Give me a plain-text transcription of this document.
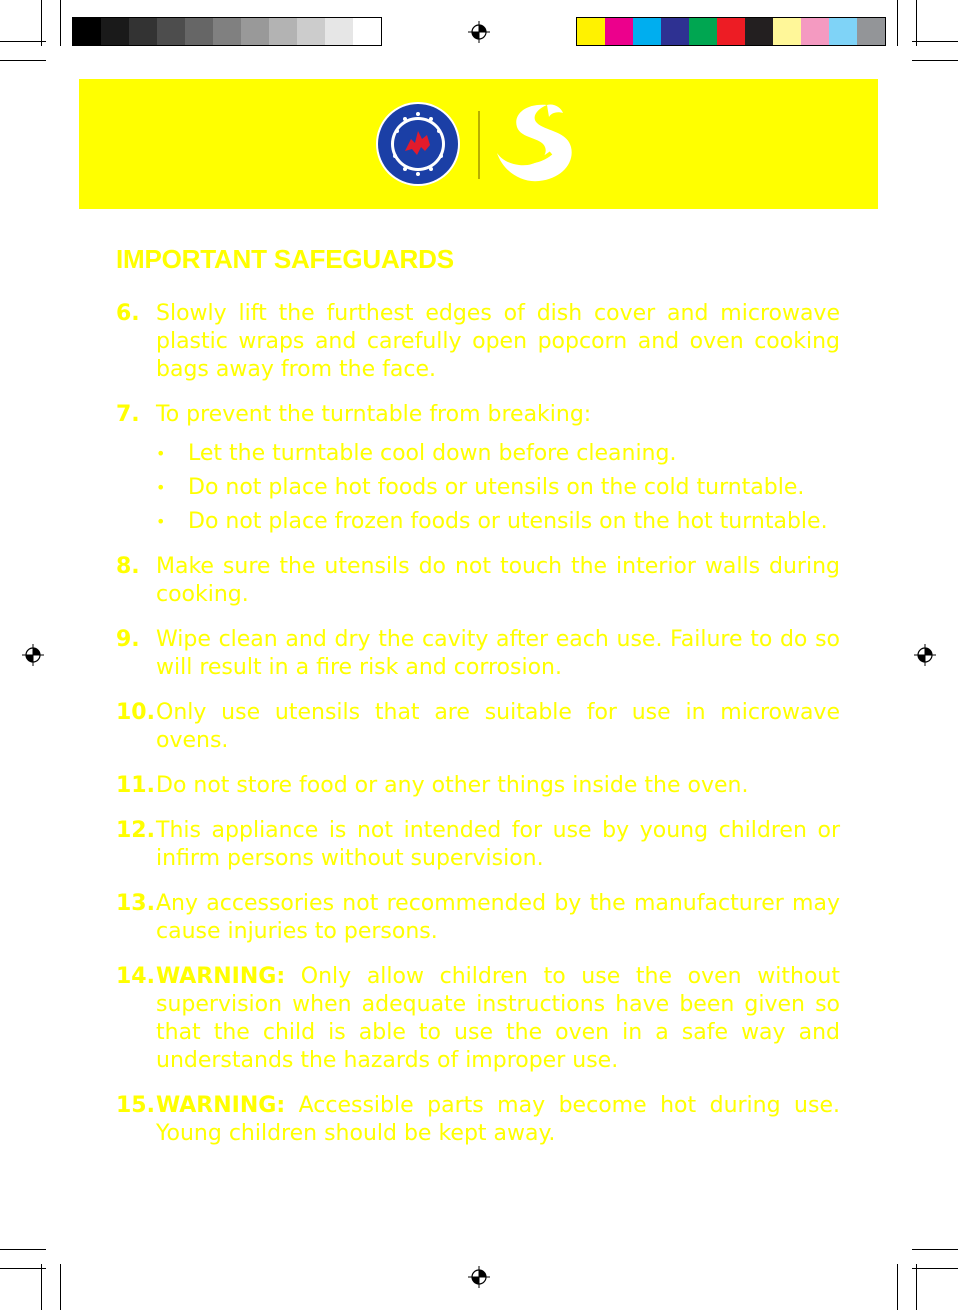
IMPORTANT SAFEGUARDS
6. Slowly lift the furthest edges of dish cover and microwave plastic wraps and carefully open popcorn and oven cooking bags away from the face.
7. To prevent the turntable from breaking:
• Let the turntable cool down before cleaning.
• Do not place hot foods or utensils on the cold turntable.
• Do not place frozen foods or utensils on the hot turntable.
8. Make sure the utensils do not touch the interior walls during cooking.
9. Wipe clean and dry the cavity after each use. Failure to do so will result in a fire risk and corrosion.
10. Only use utensils that are suitable for use in microwave ovens.
11. Do not store food or any other things inside the oven.
12. This appliance is not intended for use by young children or infirm persons without supervision.
13. Any accessories not recommended by the manufacturer may cause injuries to persons.
14. WARNING: Only allow children to use the oven without supervision when adequate instructions have been given so that the child is able to use the oven in a safe way and understands the hazards of improper use.
15. WARNING: Accessible parts may become hot during use. Young children should be kept away.
